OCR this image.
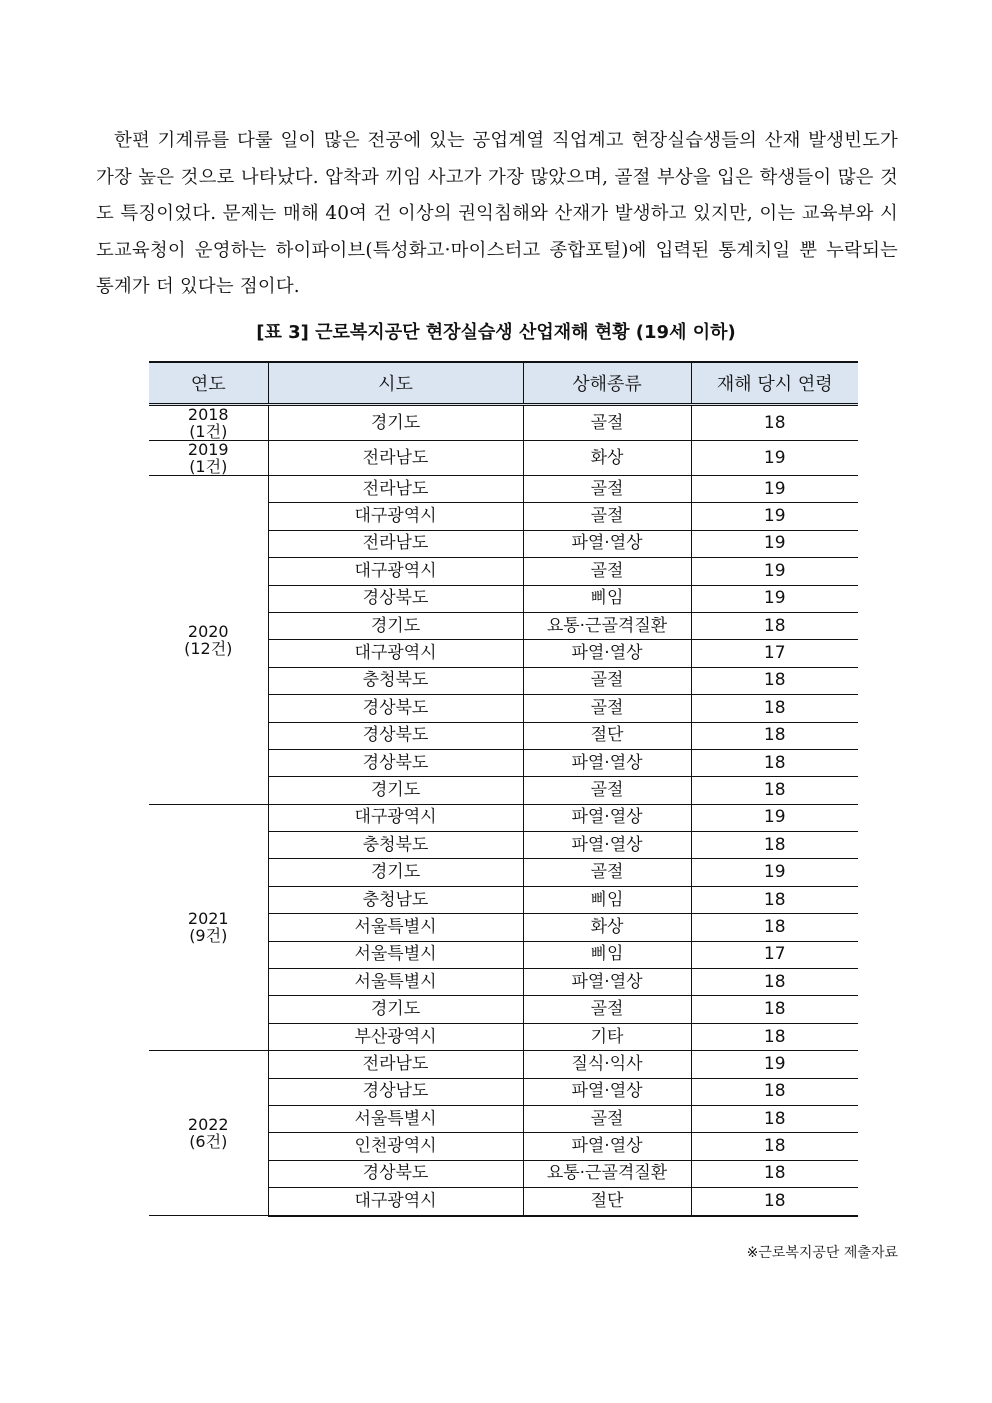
한편 기계류를 다룰 일이 많은 전공에 있는 공업계열 직업계고 현장실습생들의 산재 발생빈도가 가장 높은 것으로 나타났다. 압착과 끼임 사고가 가장 많았으며, 골절 부상을 입은 학생들이 많은 것도 특징이었다. 문제는 매해 40여 건 이상의 권익침해와 산재가 발생하고 있지만, 이는 교육부와 시도교육청이 운영하는 하이파이브(특성화고·마이스터고 종합포털)에 입력된 통계치일 뿐 누락되는 통계가 더 있다는 점이다.

[표 3] 근로복지공단 현장실습생 산업재해 현황 (19세 이하)

연도	시도	상해종류	재해 당시 연령
2018
(1건)	경기도	골절	18
2019
(1건)	전라남도	화상	19
2020
(12건)	전라남도	골절	19
	대구광역시	골절	19
	전라남도	파열·열상	19
	대구광역시	골절	19
	경상북도	삐임	19
	경기도	요통·근골격질환	18
	대구광역시	파열·열상	17
	충청북도	골절	18
	경상북도	골절	18
	경상북도	절단	18
	경상북도	파열·열상	18
	경기도	골절	18
2021
(9건)	대구광역시	파열·열상	19
	충청북도	파열·열상	18
	경기도	골절	19
	충청남도	삐임	18
	서울특별시	화상	18
	서울특별시	삐임	17
	서울특별시	파열·열상	18
	경기도	골절	18
	부산광역시	기타	18
2022
(6건)	전라남도	질식·익사	19
	경상남도	파열·열상	18
	서울특별시	골절	18
	인천광역시	파열·열상	18
	경상북도	요통·근골격질환	18
	대구광역시	절단	18

※근로복지공단 제출자료
